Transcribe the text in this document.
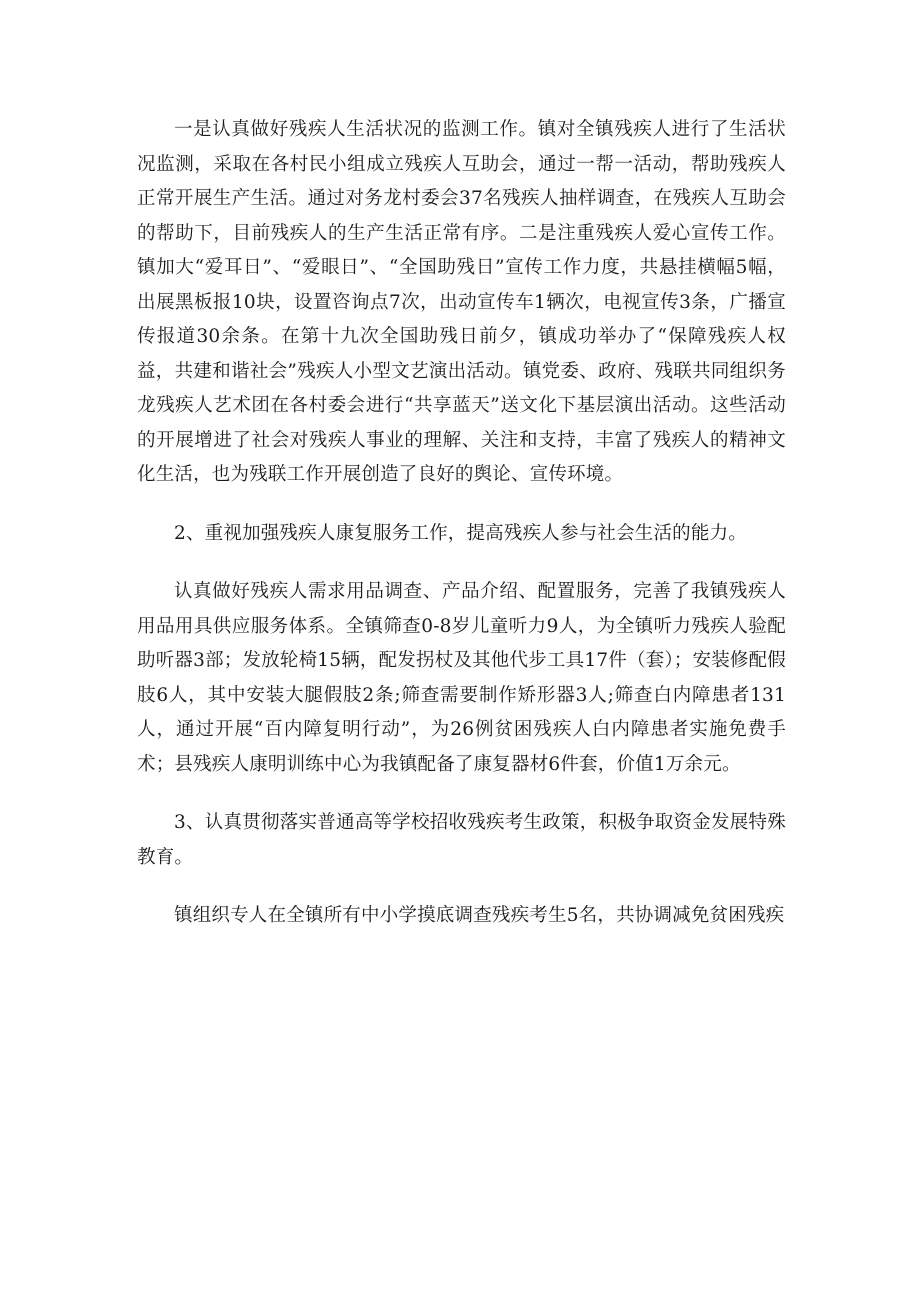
一是认真做好残疾人生活状况的监测工作。镇对全镇残疾人进行了生活状况监测，采取在各村民小组成立残疾人互助会，通过一帮一活动，帮助残疾人正常开展生产生活。通过对务龙村委会37名残疾人抽样调查，在残疾人互助会的帮助下，目前残疾人的生产生活正常有序。二是注重残疾人爱心宣传工作。镇加大“爱耳日”、“爱眼日”、“全国助残日”宣传工作力度，共悬挂横幅5幅，出展黑板报10块，设置咨询点7次，出动宣传车1辆次，电视宣传3条，广播宣传报道30余条。在第十九次全国助残日前夕，镇成功举办了“保障残疾人权益，共建和谐社会”残疾人小型文艺演出活动。镇党委、政府、残联共同组织务龙残疾人艺术团在各村委会进行“共享蓝天”送文化下基层演出活动。这些活动的开展增进了社会对残疾人事业的理解、关注和支持，丰富了残疾人的精神文化生活，也为残联工作开展创造了良好的舆论、宣传环境。

2、重视加强残疾人康复服务工作，提高残疾人参与社会生活的能力。

认真做好残疾人需求用品调查、产品介绍、配置服务，完善了我镇残疾人用品用具供应服务体系。全镇筛查0-8岁儿童听力9人，为全镇听力残疾人验配助听器3部；发放轮椅15辆，配发拐杖及其他代步工具17件（套）；安装修配假肢6人，其中安装大腿假肢2条;筛查需要制作矫形器3人;筛查白内障患者131人，通过开展“百内障复明行动”，为26例贫困残疾人白内障患者实施免费手术；县残疾人康明训练中心为我镇配备了康复器材6件套，价值1万余元。

3、认真贯彻落实普通高等学校招收残疾考生政策，积极争取资金发展特殊教育。

镇组织专人在全镇所有中小学摸底调查残疾考生5名，共协调减免贫困残疾
